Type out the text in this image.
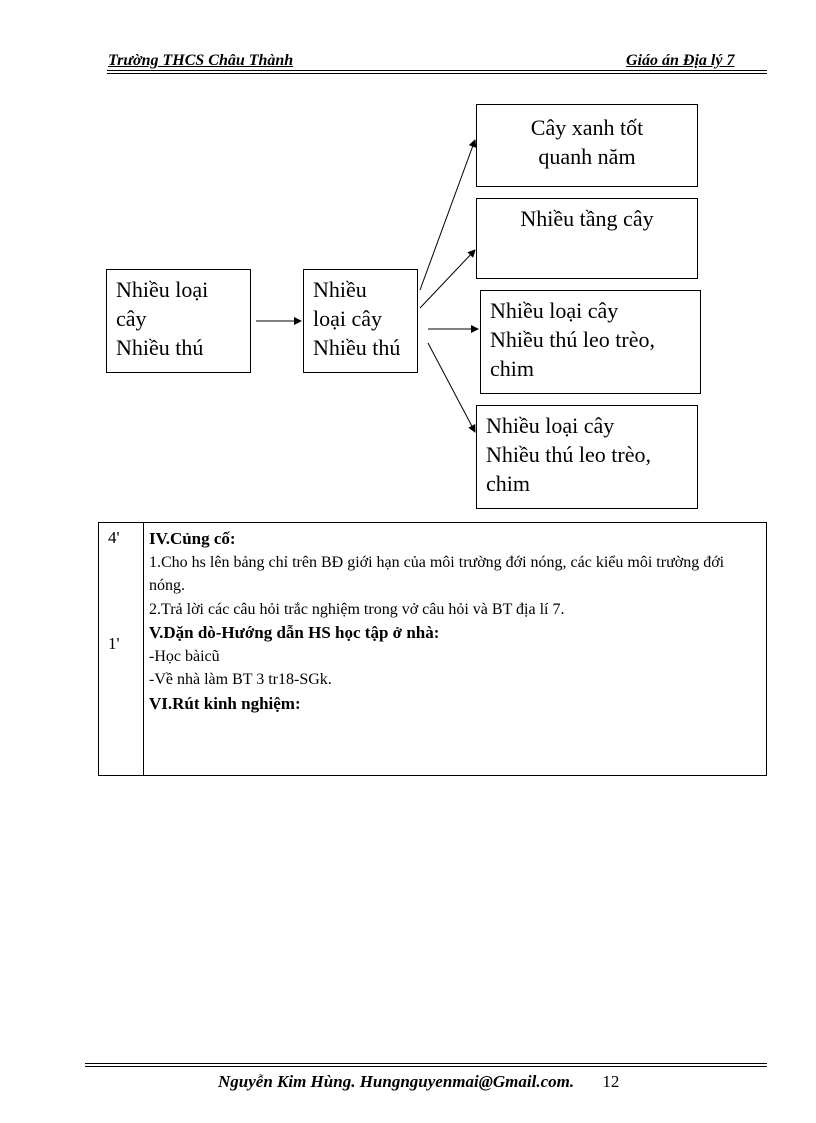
Trường THCS Châu Thành	Giáo án Địa lý 7
Nhiều loại
cây
Nhiều thú
Nhiều
loại cây
Nhiều thú
Cây xanh tốt
quanh năm
Nhiều tầng cây
Nhiều loại cây
Nhiều thú leo trèo,
chim
Nhiều loại cây
Nhiều thú leo trèo,
chim
4'
1'
IV.Củng cố:
1.Cho hs lên bảng chỉ trên BĐ giới hạn của môi trường đới nóng, các kiểu môi trường đới nóng.
2.Trả lời các câu hỏi trắc nghiệm trong vở câu hỏi và BT địa lí 7.
V.Dặn dò-Hướng dẫn HS học tập ở nhà:
-Học bàicũ
-Về nhà làm BT 3 tr18-SGk.
VI.Rút kinh nghiệm:
Nguyễn Kim Hùng. Hungnguyenmai@Gmail.com. 12
